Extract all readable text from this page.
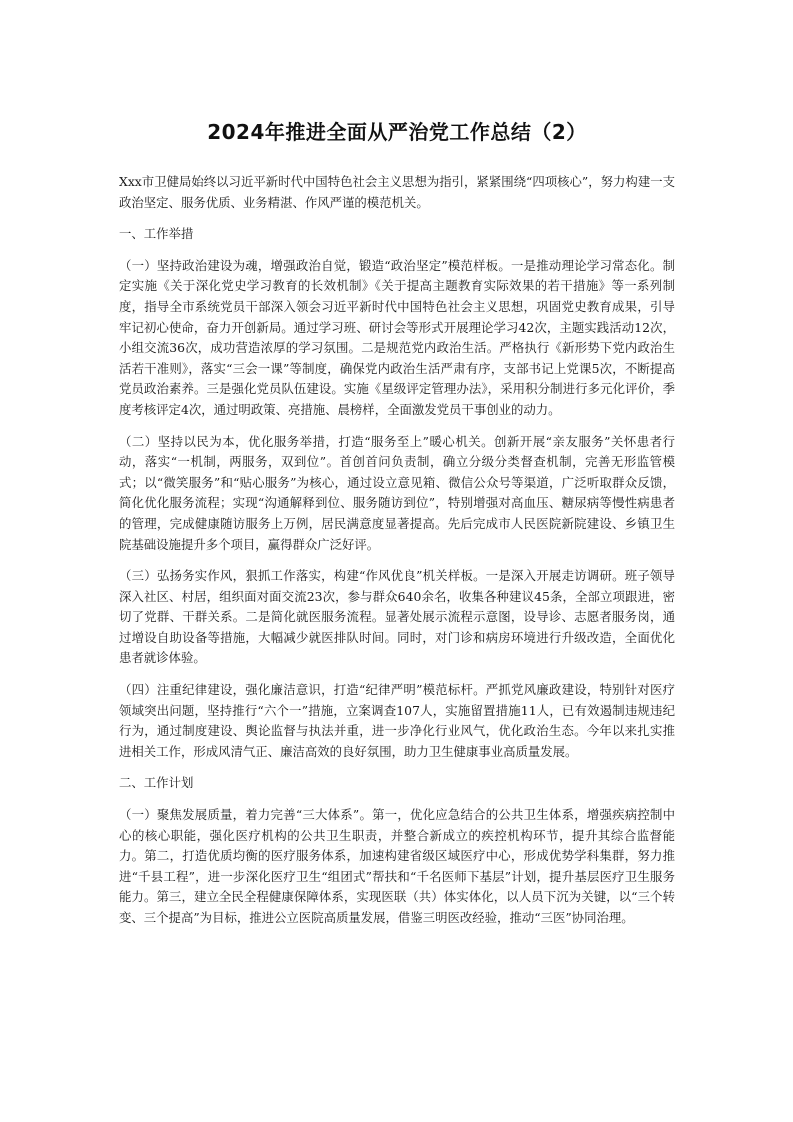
2024年推进全面从严治党工作总结（2）

Xxx市卫健局始终以习近平新时代中国特色社会主义思想为指引，紧紧围绕“四项核心”，努力构建一支政治坚定、服务优质、业务精湛、作风严谨的模范机关。

一、工作举措

（一）坚持政治建设为魂，增强政治自觉，锻造“政治坚定”模范样板。一是推动理论学习常态化。制定实施《关于深化党史学习教育的长效机制》《关于提高主题教育实际效果的若干措施》等一系列制度，指导全市系统党员干部深入领会习近平新时代中国特色社会主义思想，巩固党史教育成果，引导牢记初心使命，奋力开创新局。通过学习班、研讨会等形式开展理论学习42次，主题实践活动12次，小组交流36次，成功营造浓厚的学习氛围。二是规范党内政治生活。严格执行《新形势下党内政治生活若干准则》，落实“三会一课”等制度，确保党内政治生活严肃有序，支部书记上党课5次，不断提高党员政治素养。三是强化党员队伍建设。实施《星级评定管理办法》，采用积分制进行多元化评价，季度考核评定4次，通过明政策、亮措施、晨榜样，全面激发党员干事创业的动力。

（二）坚持以民为本，优化服务举措，打造“服务至上”暖心机关。创新开展“亲友服务”关怀患者行动，落实“一机制，两服务，双到位”。首创首问负责制，确立分级分类督查机制，完善无形监管模式；以“微笑服务”和“贴心服务”为核心，通过设立意见箱、微信公众号等渠道，广泛听取群众反馈，简化优化服务流程；实现“沟通解释到位、服务随访到位”，特别增强对高血压、糖尿病等慢性病患者的管理，完成健康随访服务上万例，居民满意度显著提高。先后完成市人民医院新院建设、乡镇卫生院基础设施提升多个项目，赢得群众广泛好评。

（三）弘扬务实作风，狠抓工作落实，构建“作风优良”机关样板。一是深入开展走访调研。班子领导深入社区、村居，组织面对面交流23次，参与群众640余名，收集各种建议45条，全部立项跟进，密切了党群、干群关系。二是简化就医服务流程。显著处展示流程示意图，设导诊、志愿者服务岗，通过增设自助设备等措施，大幅减少就医排队时间。同时，对门诊和病房环境进行升级改造，全面优化患者就诊体验。

（四）注重纪律建设，强化廉洁意识，打造“纪律严明”模范标杆。严抓党风廉政建设，特别针对医疗领域突出问题，坚持推行“六个一”措施，立案调查107人，实施留置措施11人，已有效遏制违规违纪行为，通过制度建设、舆论监督与执法并重，进一步净化行业风气，优化政治生态。今年以来扎实推进相关工作，形成风清气正、廉洁高效的良好氛围，助力卫生健康事业高质量发展。

二、工作计划

（一）聚焦发展质量，着力完善“三大体系”。第一，优化应急结合的公共卫生体系，增强疾病控制中心的核心职能，强化医疗机构的公共卫生职责，并整合新成立的疾控机构环节，提升其综合监督能力。第二，打造优质均衡的医疗服务体系，加速构建省级区域医疗中心，形成优势学科集群，努力推进“千县工程”，进一步深化医疗卫生“组团式”帮扶和“千名医师下基层”计划，提升基层医疗卫生服务能力。第三，建立全民全程健康保障体系，实现医联（共）体实体化，以人员下沉为关键，以“三个转变、三个提高”为目标，推进公立医院高质量发展，借鉴三明医改经验，推动“三医”协同治理。
